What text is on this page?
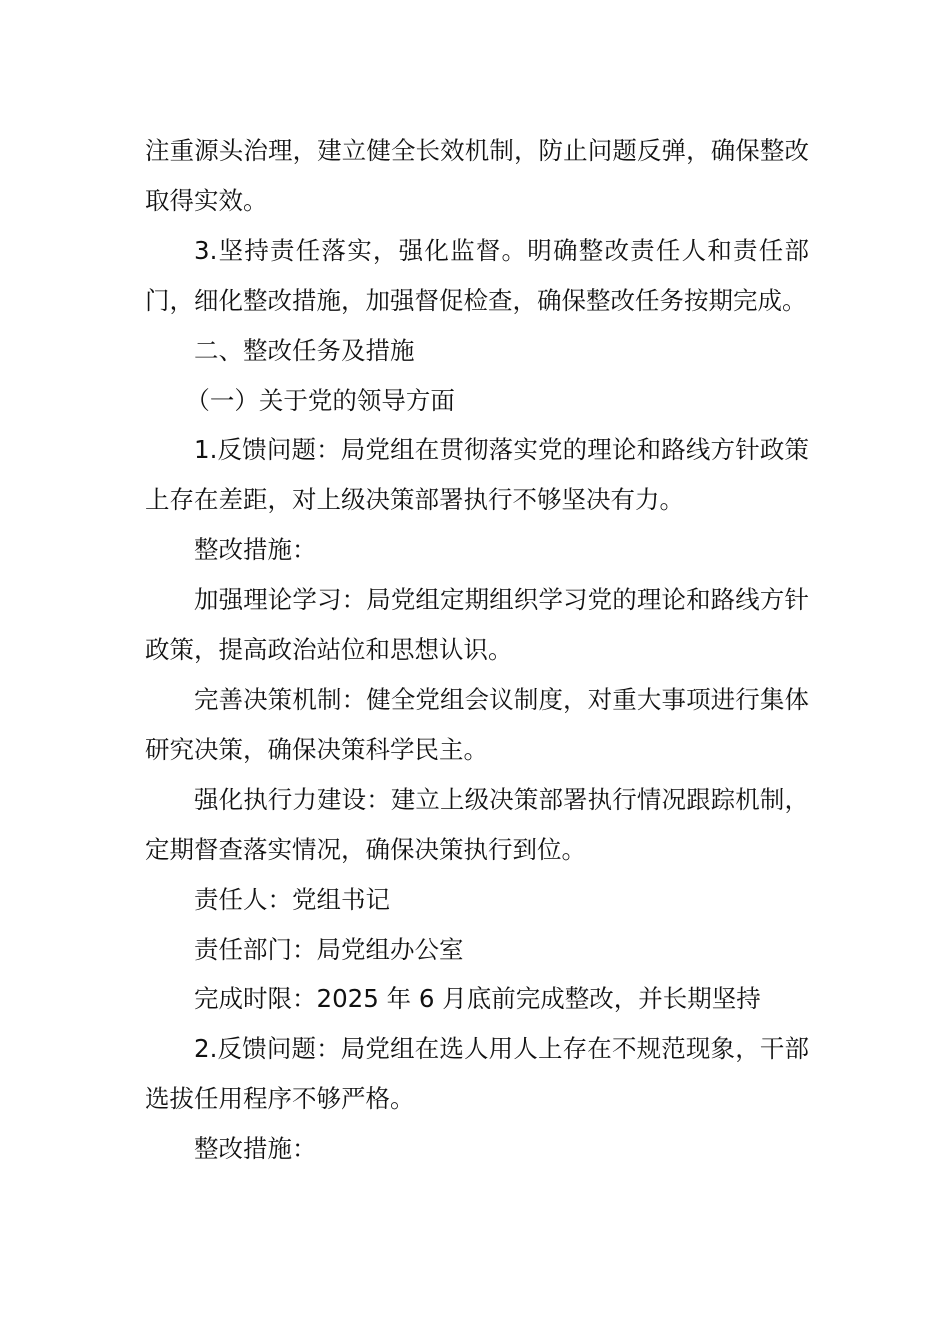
注重源头治理，建立健全长效机制，防止问题反弹，确保整改取得实效。

3.坚持责任落实，强化监督。明确整改责任人和责任部门，细化整改措施，加强督促检查，确保整改任务按期完成。

二、整改任务及措施

（一）关于党的领导方面

1.反馈问题：局党组在贯彻落实党的理论和路线方针政策上存在差距，对上级决策部署执行不够坚决有力。

整改措施：

加强理论学习：局党组定期组织学习党的理论和路线方针政策，提高政治站位和思想认识。

完善决策机制：健全党组会议制度，对重大事项进行集体研究决策，确保决策科学民主。

强化执行力建设：建立上级决策部署执行情况跟踪机制，定期督查落实情况，确保决策执行到位。

责任人：党组书记

责任部门：局党组办公室

完成时限：2025 年 6 月底前完成整改，并长期坚持

2.反馈问题：局党组在选人用人上存在不规范现象，干部选拔任用程序不够严格。

整改措施：
